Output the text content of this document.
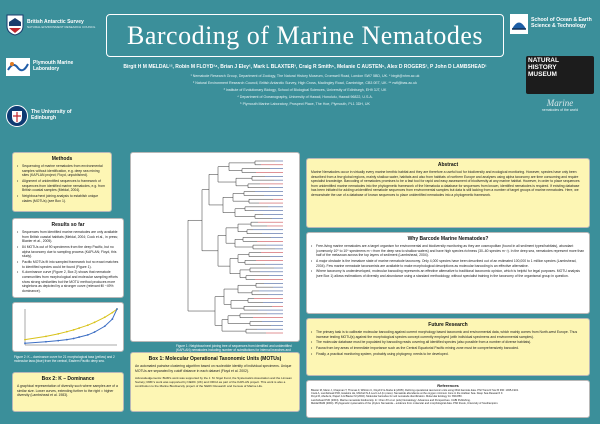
British Antarctic Survey
NATURAL ENVIRONMENT RESEARCH COUNCIL
Plymouth Marine Laboratory
The University of Edinburgh
Barcoding of Marine Nematodes
School of Ocean & Earth Science & Technology
NATURAL
HISTORY
MUSEUM
Marine
nematodes of the world
Birgit H M MELDAL¹², Robin M FLOYD³⁴, Brian J Eley², Mark L BLAXTER³, Craig R Smith⁵, Melanie C AUSTEN⁶, Alex D ROGERS², P John D LAMBSHEAD¹
¹ Nematode Research Group, Department of Zoology, The Natural History Museum, Cromwell Road, London SW7 5BD, UK. * birgit@nhm.ac.uk
² Natural Environment Research Council, British Antarctic Survey, High Cross, Madingley Road, Cambridge, CB3 0ET, UK. ** rwfl@bas.ac.uk
³ Institute of Evolutionary Biology, School of Biological Sciences, University of Edinburgh, EH9 3JT, UK
⁴ Department of Oceanography, University of Hawaii, Honolulu, Hawaii 96822, U.S.A.
⁵ Plymouth Marine Laboratory, Prospect Place, The Hoe, Plymouth, PL1 3DH, UK
Methods
• Sequencing of marine nematodes from environmental samples without identification, e.g. deep sea mining sites (KAPLAN project; Floyd, unpublished).
• Alignment of unidentified sequences to framework of sequences from identified marine nematodes, e.g. from British coastal samples (Meldal, 2004).
• Neighbour/next joining analysis to establish unique clades (MOTUs) (see Box 1).
Results so far
• Sequences from identified marine nematodes are only available from British coastal habitats (Meldal, 2004; Cook et al., in press; Blaxter et al., 2005).
• 84 MOTUs out of 90 specimens from the deep Pacific, but no alpha taxonomy due to sampling process (KAPLAN; Floyd, this study).
• Pacific MOTUs fit into sampled framework but no exact matches to identified species could be found (Figure 1).
• K-dominance curve (Figure 2, Box 2) shows that nematode communities from morphological and molecular sampling efforts show strong similarities but the MOTU method produces more singletons as depicted by a stronger curve (relevant fill ~49% dominance).
Figure 2: K – dominance curve for 21 morphological taxa (yellow) and 2 molecular taxa (blue) from the central, Eastern Pacific deep sea.
Box 2: K – Dominance
A graphical representation of diversity such where samples are of a similar size. Lower curves, extending further to the right = higher diversity (Lambshead et al. 1983).
Figure 1: Neighbour/next joining tree of sequences from identified and unidentified (KAPLAN) nematodes including number of substitutions for internal branches and
Box 1: Molecular Operational Taxonomic Units (MOTUs)
An automated pairwise clustering algorithm based on nucleotide identity of individual specimens. Unique MOTUs are separated by cutoff distance in each dataset (Floyd et al. 2002).
Acknowledgements: BHM's work was supported by the J. M. Nigel Fund, the Systematics Association and the Linnean Society; RMF's work was supported by NERC (UK) and ORCA as part of the KAPLAN project. This work is also a contribution to the Marine Biodiversity project of the NERC Research and Census of Marine Life.
Abstract
Marine Nematodes occur in virtually every marine benthic habitat and they are therefore a useful tool for biodiversity and ecological monitoring. However, species have only been described from a few global regions, mainly shallow-water, habitats and also from habitats of northern Europe and analyses using alpha taxonomy are time consuming and require specialist knowledge. Barcoding of nematodes promises to be a fast tool for rapid and easy assessment of biodiversity at any marine habitat. However, in order to place sequences from unidentified marine nematodes into the phylogenetic framework of the Nematoda a database for sequences from known, identified nematodes is required. If existing database has been initiated for adding unidentified nematode sequences from environmental samples but data is still lacking from a number of target groups of marine nematodes. Here, we demonstrate the use of a database of known sequences to place unidentified nematodes into a phylogenetic framework.
Why Barcode Marine Nematodes?
• Free-living marine nematodes are a target organism for environmental and biodiversity monitoring as they are cosmopolitan (found in all sediment types/habitats), abundant (commonly 10⁵ to 10⁶ specimens m⁻² from the deep sea to shallow waters) and have high species richness (30–60 species m⁻²). In the deep sea, nematodes represent more than half of the metazoan across the top layers of sediment (Lambshead, 2004).
• A major obstacle is the immature state of marine nematode taxonomy. Only 4,000 species have been described out of an estimated 100,000 to 1 million species (Lambshead, 2004). Few marine nematode taxonomists are available to make morphological descriptions as molecular barcoding is an effective alternative.
• Where taxonomy is underdeveloped, molecular barcoding represents an effective alternative to traditional taxonomic opinion, which is helpful for legal purposes. MOTU analysis (see Box 1) allows estimations of diversity and abundance using a standard methodology, without specialist training in the taxonomy of the organismal group in question.
Future Research
• The primary task is to calibrate molecular barcoding against current morphology based taxonomic and environmental data, which mainly comes from North-west Europe. Thus increase testing MOTU(s) against the morphological species concept currently employed (with individual specimens and environmental samples).
• The molecular database must be populated by barcoding reads covering all identified species (also possible from a number of diverse habitats).
• Fauna from key areas of immediate importance such as the Central Equatorial Pacific mining zone must be comprehensively barcoded.
• Finally, a practical monitoring system, probably using phylogeny, needs to be developed.
References
Blaxter M, Mann J, Chapman T, Thomas F, Whitton C, Floyd R & Abebe E (2005). Defining operational taxonomic units using DNA barcode data. Phil Trans R Soc B 360: 1935-1943.
Cook A, Lambshead PJD, Hawkins LE, Mitchell N & Levin LA (in press). Nematode abundance at the oxygen minimum zone in the Arabian Sea. Deep Sea Research II.
Floyd R, Abebe E, Papert A & Blaxter M (2002). Molecular barcodes for soil nematode identification. Molecular Ecology 11: 839-850.
Lambshead PJD (2004). Marine nematode biodiversity. In: Chen ZX et al. (eds) Nematology: Advances and Perspectives. CABI Publishing.
Meldal BHM (2004). Phylogenetic systematics of the phylum Nematoda – evidence from molecular and morphological data. PhD thesis, University of Southampton.
